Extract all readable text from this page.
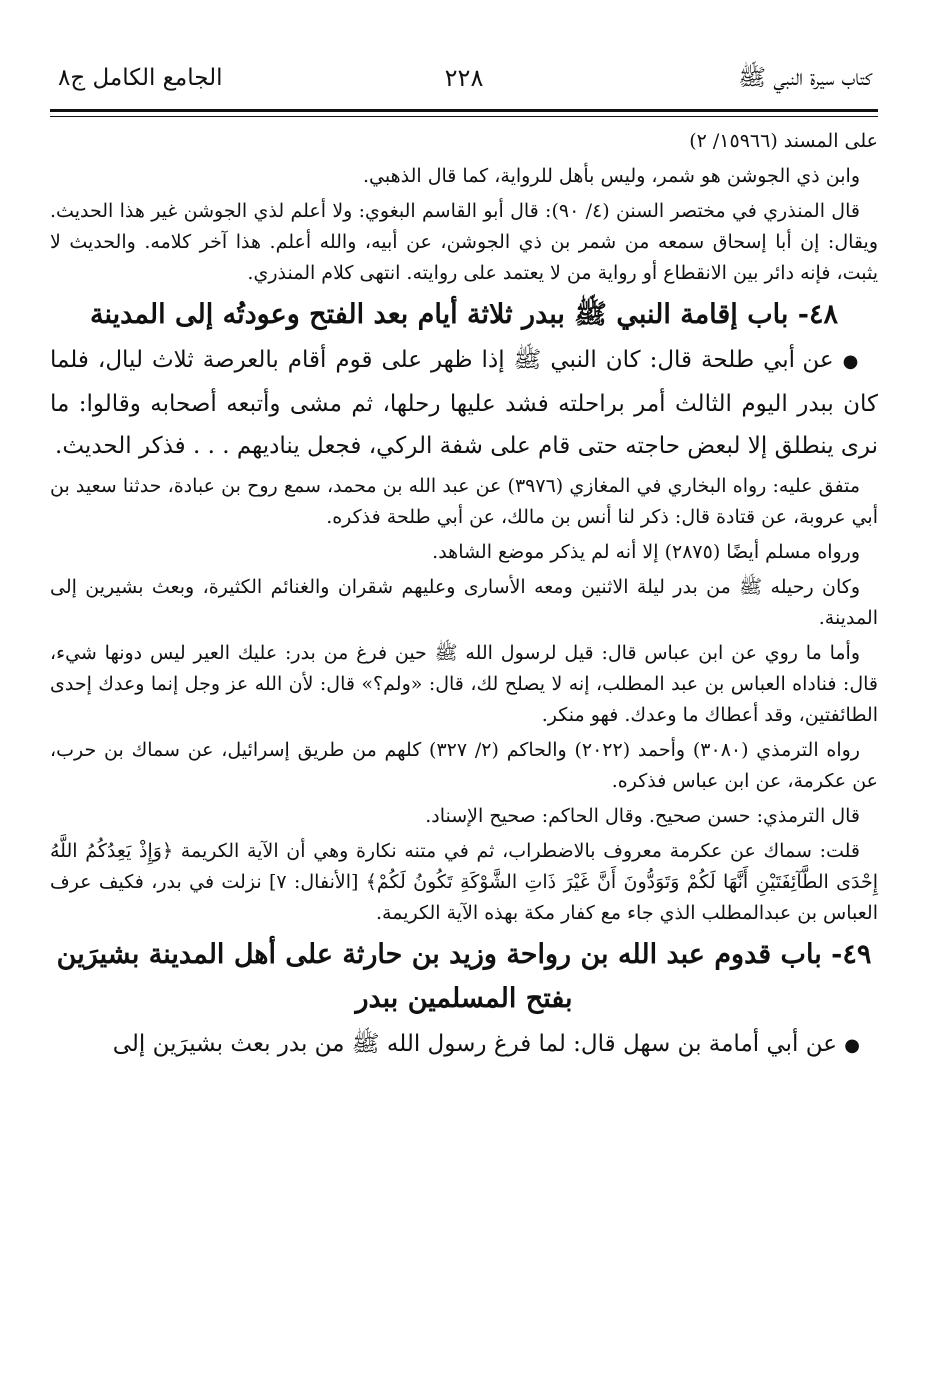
كتاب سيرة النبي ﷺ
٢٢٨
الجامع الكامل ج٨

على المسند (١٥٩٦٦/ ٢)

وابن ذي الجوشن هو شمر، وليس بأهل للرواية، كما قال الذهبي.

قال المنذري في مختصر السنن (٤/ ٩٠): قال أبو القاسم البغوي: ولا أعلم لذي الجوشن غير هذا الحديث. ويقال: إن أبا إسحاق سمعه من شمر بن ذي الجوشن، عن أبيه، والله أعلم. هذا آخر كلامه. والحديث لا يثبت، فإنه دائر بين الانقطاع أو رواية من لا يعتمد على روايته. انتهى كلام المنذري.

٤٨- باب إقامة النبي ﷺ ببدر ثلاثة أيام بعد الفتح وعودتُه إلى المدينة

● عن أبي طلحة قال: كان النبي ﷺ إذا ظهر على قوم أقام بالعرصة ثلاث ليال، فلما كان ببدر اليوم الثالث أمر براحلته فشد عليها رحلها، ثم مشى وأتبعه أصحابه وقالوا: ما نرى ينطلق إلا لبعض حاجته حتى قام على شفة الركي، فجعل يناديهم . . . فذكر الحديث.

متفق عليه: رواه البخاري في المغازي (٣٩٧٦) عن عبد الله بن محمد، سمع روح بن عبادة، حدثنا سعيد بن أبي عروبة، عن قتادة قال: ذكر لنا أنس بن مالك، عن أبي طلحة فذكره.

ورواه مسلم أيضًا (٢٨٧٥) إلا أنه لم يذكر موضع الشاهد.

وكان رحيله ﷺ من بدر ليلة الاثنين ومعه الأسارى وعليهم شقران والغنائم الكثيرة، وبعث بشيرين إلى المدينة.

وأما ما روي عن ابن عباس قال: قيل لرسول الله ﷺ حين فرغ من بدر: عليك العير ليس دونها شيء، قال: فناداه العباس بن عبد المطلب، إنه لا يصلح لك، قال: «ولم؟» قال: لأن الله عز وجل إنما وعدك إحدى الطائفتين، وقد أعطاك ما وعدك. فهو منكر.

رواه الترمذي (٣٠٨٠) وأحمد (٢٠٢٢) والحاكم (٢/ ٣٢٧) كلهم من طريق إسرائيل، عن سماك بن حرب، عن عكرمة، عن ابن عباس فذكره.

قال الترمذي: حسن صحيح. وقال الحاكم: صحيح الإسناد.

قلت: سماك عن عكرمة معروف بالاضطراب، ثم في متنه نكارة وهي أن الآية الكريمة ﴿وَإِذْ يَعِدُكُمُ اللَّهُ إِحْدَى الطَّآئِفَتَيْنِ أَنَّهَا لَكُمْ وَتَوَدُّونَ أَنَّ غَيْرَ ذَاتِ الشَّوْكَةِ تَكُونُ لَكُمْ﴾ [الأنفال: ٧] نزلت في بدر، فكيف عرف العباس بن عبدالمطلب الذي جاء مع كفار مكة بهذه الآية الكريمة.

٤٩- باب قدوم عبد الله بن رواحة وزيد بن حارثة على أهل المدينة بشيرَين بفتح المسلمين ببدر

● عن أبي أمامة بن سهل قال: لما فرغ رسول الله ﷺ من بدر بعث بشيرَين إلى
